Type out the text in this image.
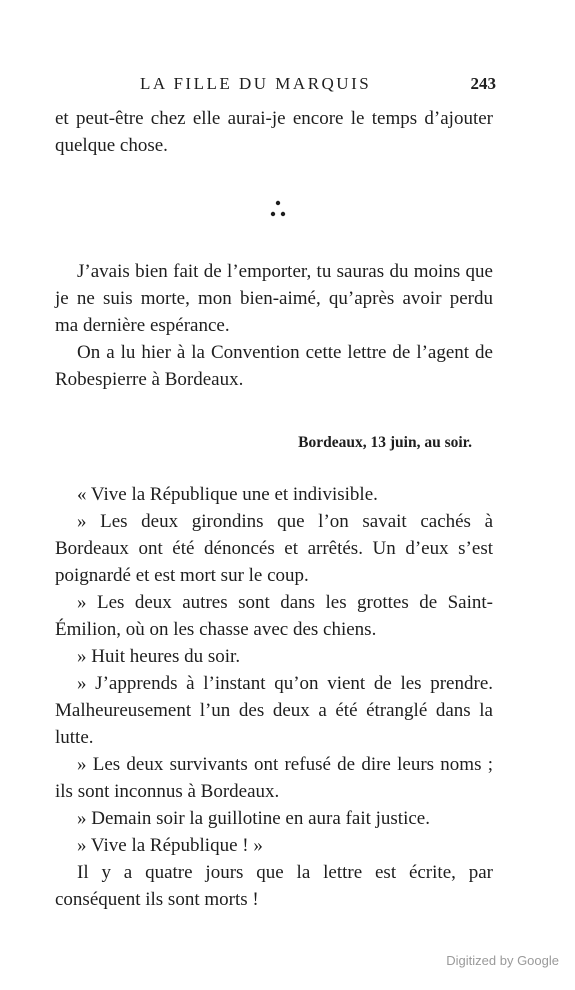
LA FILLE DU MARQUIS	243

et peut-être chez elle aurai-je encore le temps d’ajouter quelque chose.

J’avais bien fait de l’emporter, tu sauras du moins que je ne suis morte, mon bien-aimé, qu’après avoir perdu ma dernière espérance.

On a lu hier à la Convention cette lettre de l’agent de Robespierre à Bordeaux.

Bordeaux, 13 juin, au soir.

« Vive la République une et indivisible.

» Les deux girondins que l’on savait cachés à Bordeaux ont été dénoncés et arrêtés. Un d’eux s’est poignardé et est mort sur le coup.

» Les deux autres sont dans les grottes de Saint-Émilion, où on les chasse avec des chiens.

» Huit heures du soir.

» J’apprends à l’instant qu’on vient de les prendre. Malheureusement l’un des deux a été étranglé dans la lutte.

» Les deux survivants ont refusé de dire leurs noms ; ils sont inconnus à Bordeaux.

» Demain soir la guillotine en aura fait justice.

» Vive la République ! »

Il y a quatre jours que la lettre est écrite, par conséquent ils sont morts !

Digitized by Google
